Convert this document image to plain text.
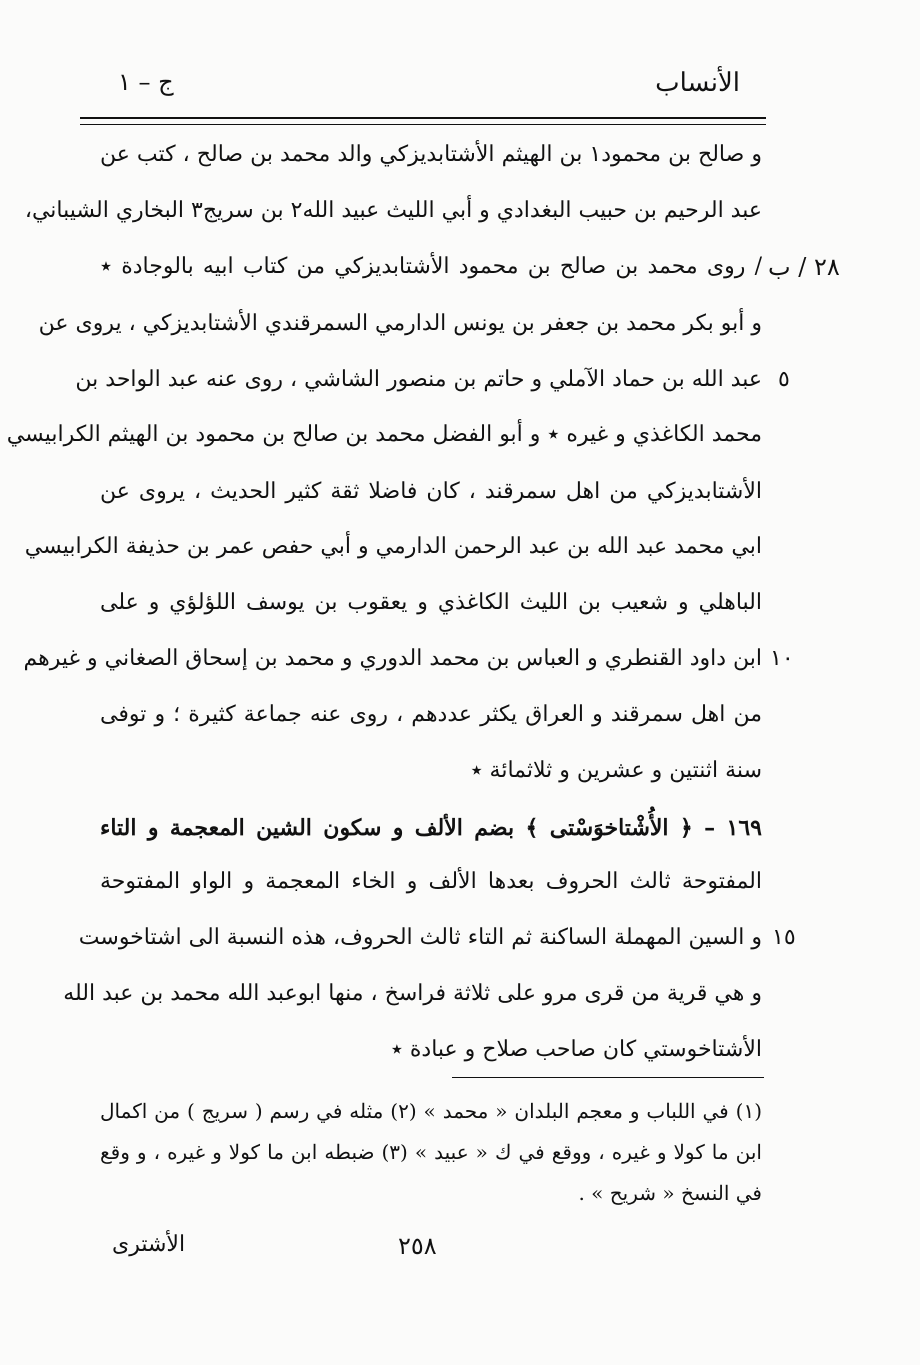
الأنساب
ج – ١
و صالح بن محمود١ بن الهيثم الأشتابديزكي والد محمد بن صالح ، كتب عن
عبد الرحيم بن حبيب البغدادي و أبي الليث عبيد الله٢ بن سريج٣ البخاري الشيباني،
/ روى محمد بن صالح بن محمود الأشتابديزكي من كتاب ابيه بالوجادة ٭
و أبو بكر محمد بن جعفر بن يونس الدارمي السمرقندي الأشتابديزكي ، يروى عن
عبد الله بن حماد الآملي و حاتم بن منصور الشاشي ، روى عنه عبد الواحد بن
محمد الكاغذي و غيره ٭ و أبو الفضل محمد بن صالح بن محمود بن الهيثم الكرابيسي
الأشتابديزكي من اهل سمرقند ، كان فاضلا ثقة كثير الحديث ، يروى عن
ابي محمد عبد الله بن عبد الرحمن الدارمي و أبي حفص عمر بن حذيفة الكرابيسي
الباهلي و شعيب بن الليث الكاغذي و يعقوب بن يوسف اللؤلؤي و على
ابن داود القنطري و العباس بن محمد الدوري و محمد بن إسحاق الصغاني و غيرهم
من اهل سمرقند و العراق يكثر عددهم ، روى عنه جماعة كثيرة ؛ و توفى
سنة اثنتين و عشرين و ثلاثمائة ٭
١٦٩ – ﴿ الأُشْتاخوَسْتى ﴾ بضم الألف و سكون الشين المعجمة و التاء
المفتوحة ثالث الحروف بعدها الألف و الخاء المعجمة و الواو المفتوحة
و السين المهملة الساكنة ثم التاء ثالث الحروف، هذه النسبة الى اشتاخوست
و هي قرية من قرى مرو على ثلاثة فراسخ ، منها ابوعبد الله محمد بن عبد الله
الأشتاخوستي كان صاحب صلاح و عبادة ٭
٢٨ / ب
٥
١٠
١٥
(١) في اللباب و معجم البلدان « محمد » (٢) مثله في رسم ( سريج ) من اكمال
ابن ما كولا و غيره ، ووقع في ك « عبيد » (٣) ضبطه ابن ما كولا و غيره ، و وقع
في النسخ « شريح » .
٢٥٨
الأشترى
